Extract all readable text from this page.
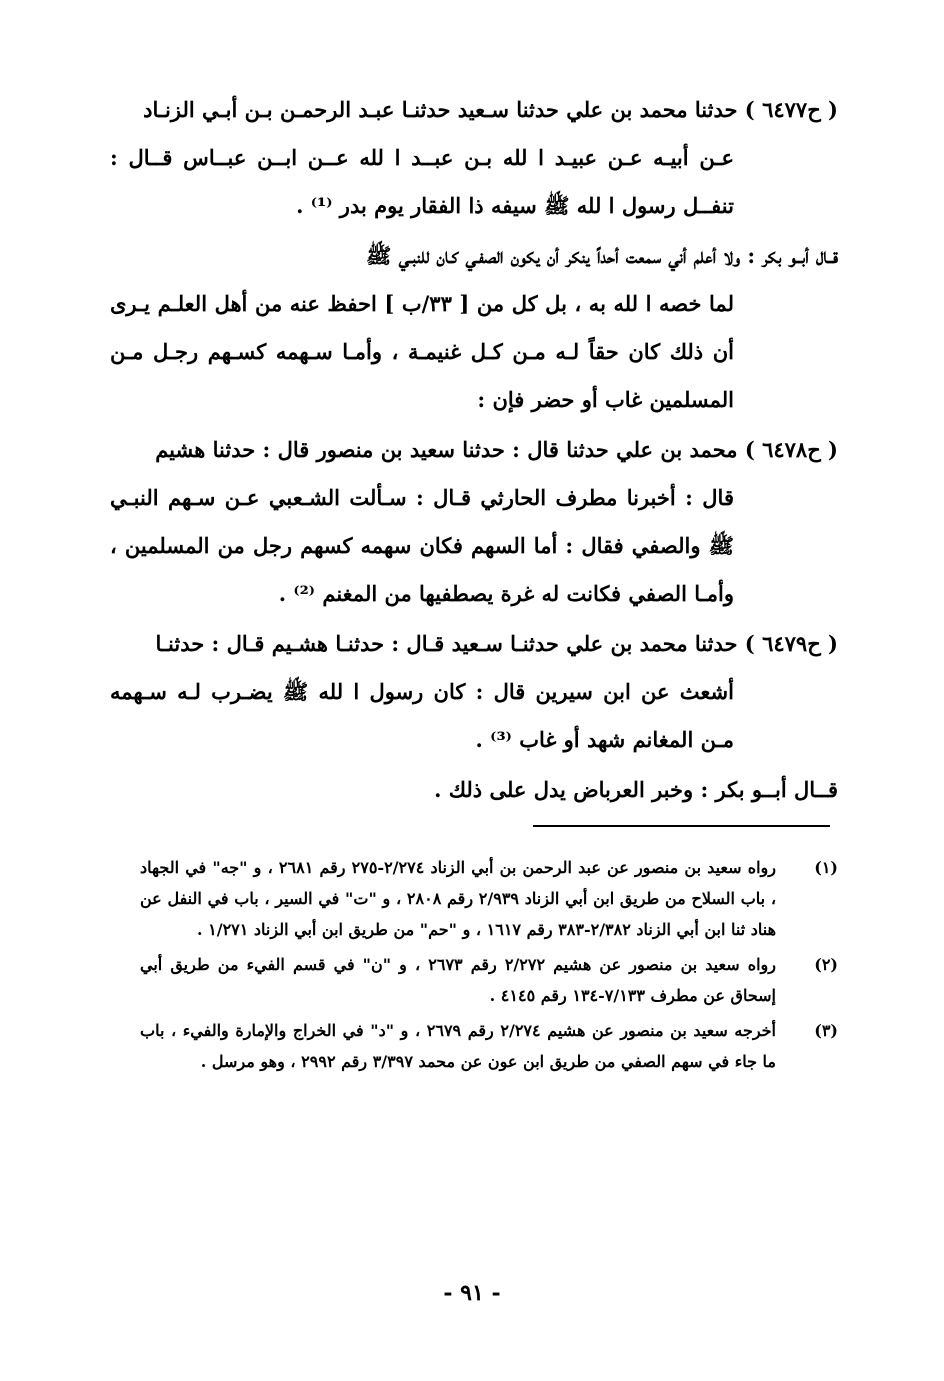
( ح٦٤٧٧ ) حدثنا محمد بن علي حدثنا سـعيد حدثنـا عبـد الرحمـن بـن أبـي الزنـاد
عـن أبيـه عـن عبيـد ا لله بـن عبــد ا لله عــن ابــن عبــاس قــال : تنفــل رسول ا لله ﷺ سيفه ذا الفقار يوم بدر ⁽¹⁾ .

قــال أبــو بكر : ولا أعلم أني سمعت أحداً ينكر أن يكون الصفـي كـان للنبـي ﷺ
لما خصه ا لله به ، بل كل من [ ٣٣/ب ] احفظ عنه من أهل العلـم يـرى أن ذلك كان حقاً لـه مـن كـل غنيمـة ، وأمـا سـهمه كسـهم رجـل مـن المسلمين غاب أو حضر فإن :

( ح٦٤٧٨ ) محمد بن علي حدثنا قال : حدثنا سعيد بن منصور قال : حدثنا هشيم
قال : أخبرنا مطرف الحارثي قـال : سـألت الشـعبي عـن سـهم النبـي ﷺ والصفي فقال : أما السهم فكان سهمه كسهم رجل من المسلمين ، وأمـا الصفي فكانت له غرة يصطفيها من المغنم ⁽²⁾ .

( ح٦٤٧٩ ) حدثنا محمد بن علي حدثنـا سـعيد قـال : حدثنـا هشـيم قـال : حدثنـا
أشعث عن ابن سيرين قال : كان رسول ا لله ﷺ يضـرب لـه سـهمه مـن المغانم شهد أو غاب ⁽³⁾ .

قــال أبــو بكر : وخبر العرباض يدل على ذلك .

(١)
رواه سعيد بن منصور عن عبد الرحمن بن أبي الزناد ٢/٢٧٤-٢٧٥ رقم ٢٦٨١ ، و "جه" في الجهاد ، باب السلاح من طريق ابن أبي الزناد ٢/٩٣٩ رقم ٢٨٠٨ ، و "ت" في السير ، باب في النفل عن هناد ثنا ابن أبي الزناد ٢/٣٨٢-٣٨٣ رقم ١٦١٧ ، و "حم" من طريق ابن أبي الزناد ١/٢٧١ .
(٢)
رواه سعيد بن منصور عن هشيم ٢/٢٧٢ رقم ٢٦٧٣ ، و "ن" في قسم الفيء من طريق أبي إسحاق عن مطرف ٧/١٣٣-١٣٤ رقم ٤١٤٥ .
(٣)
أخرجه سعيد بن منصور عن هشيم ٢/٢٧٤ رقم ٢٦٧٩ ، و "د" في الخراج والإمارة والفيء ، باب ما جاء في سهم الصفي من طريق ابن عون عن محمد ٣/٣٩٧ رقم ٢٩٩٢ ، وهو مرسل .
- ٩١ -
